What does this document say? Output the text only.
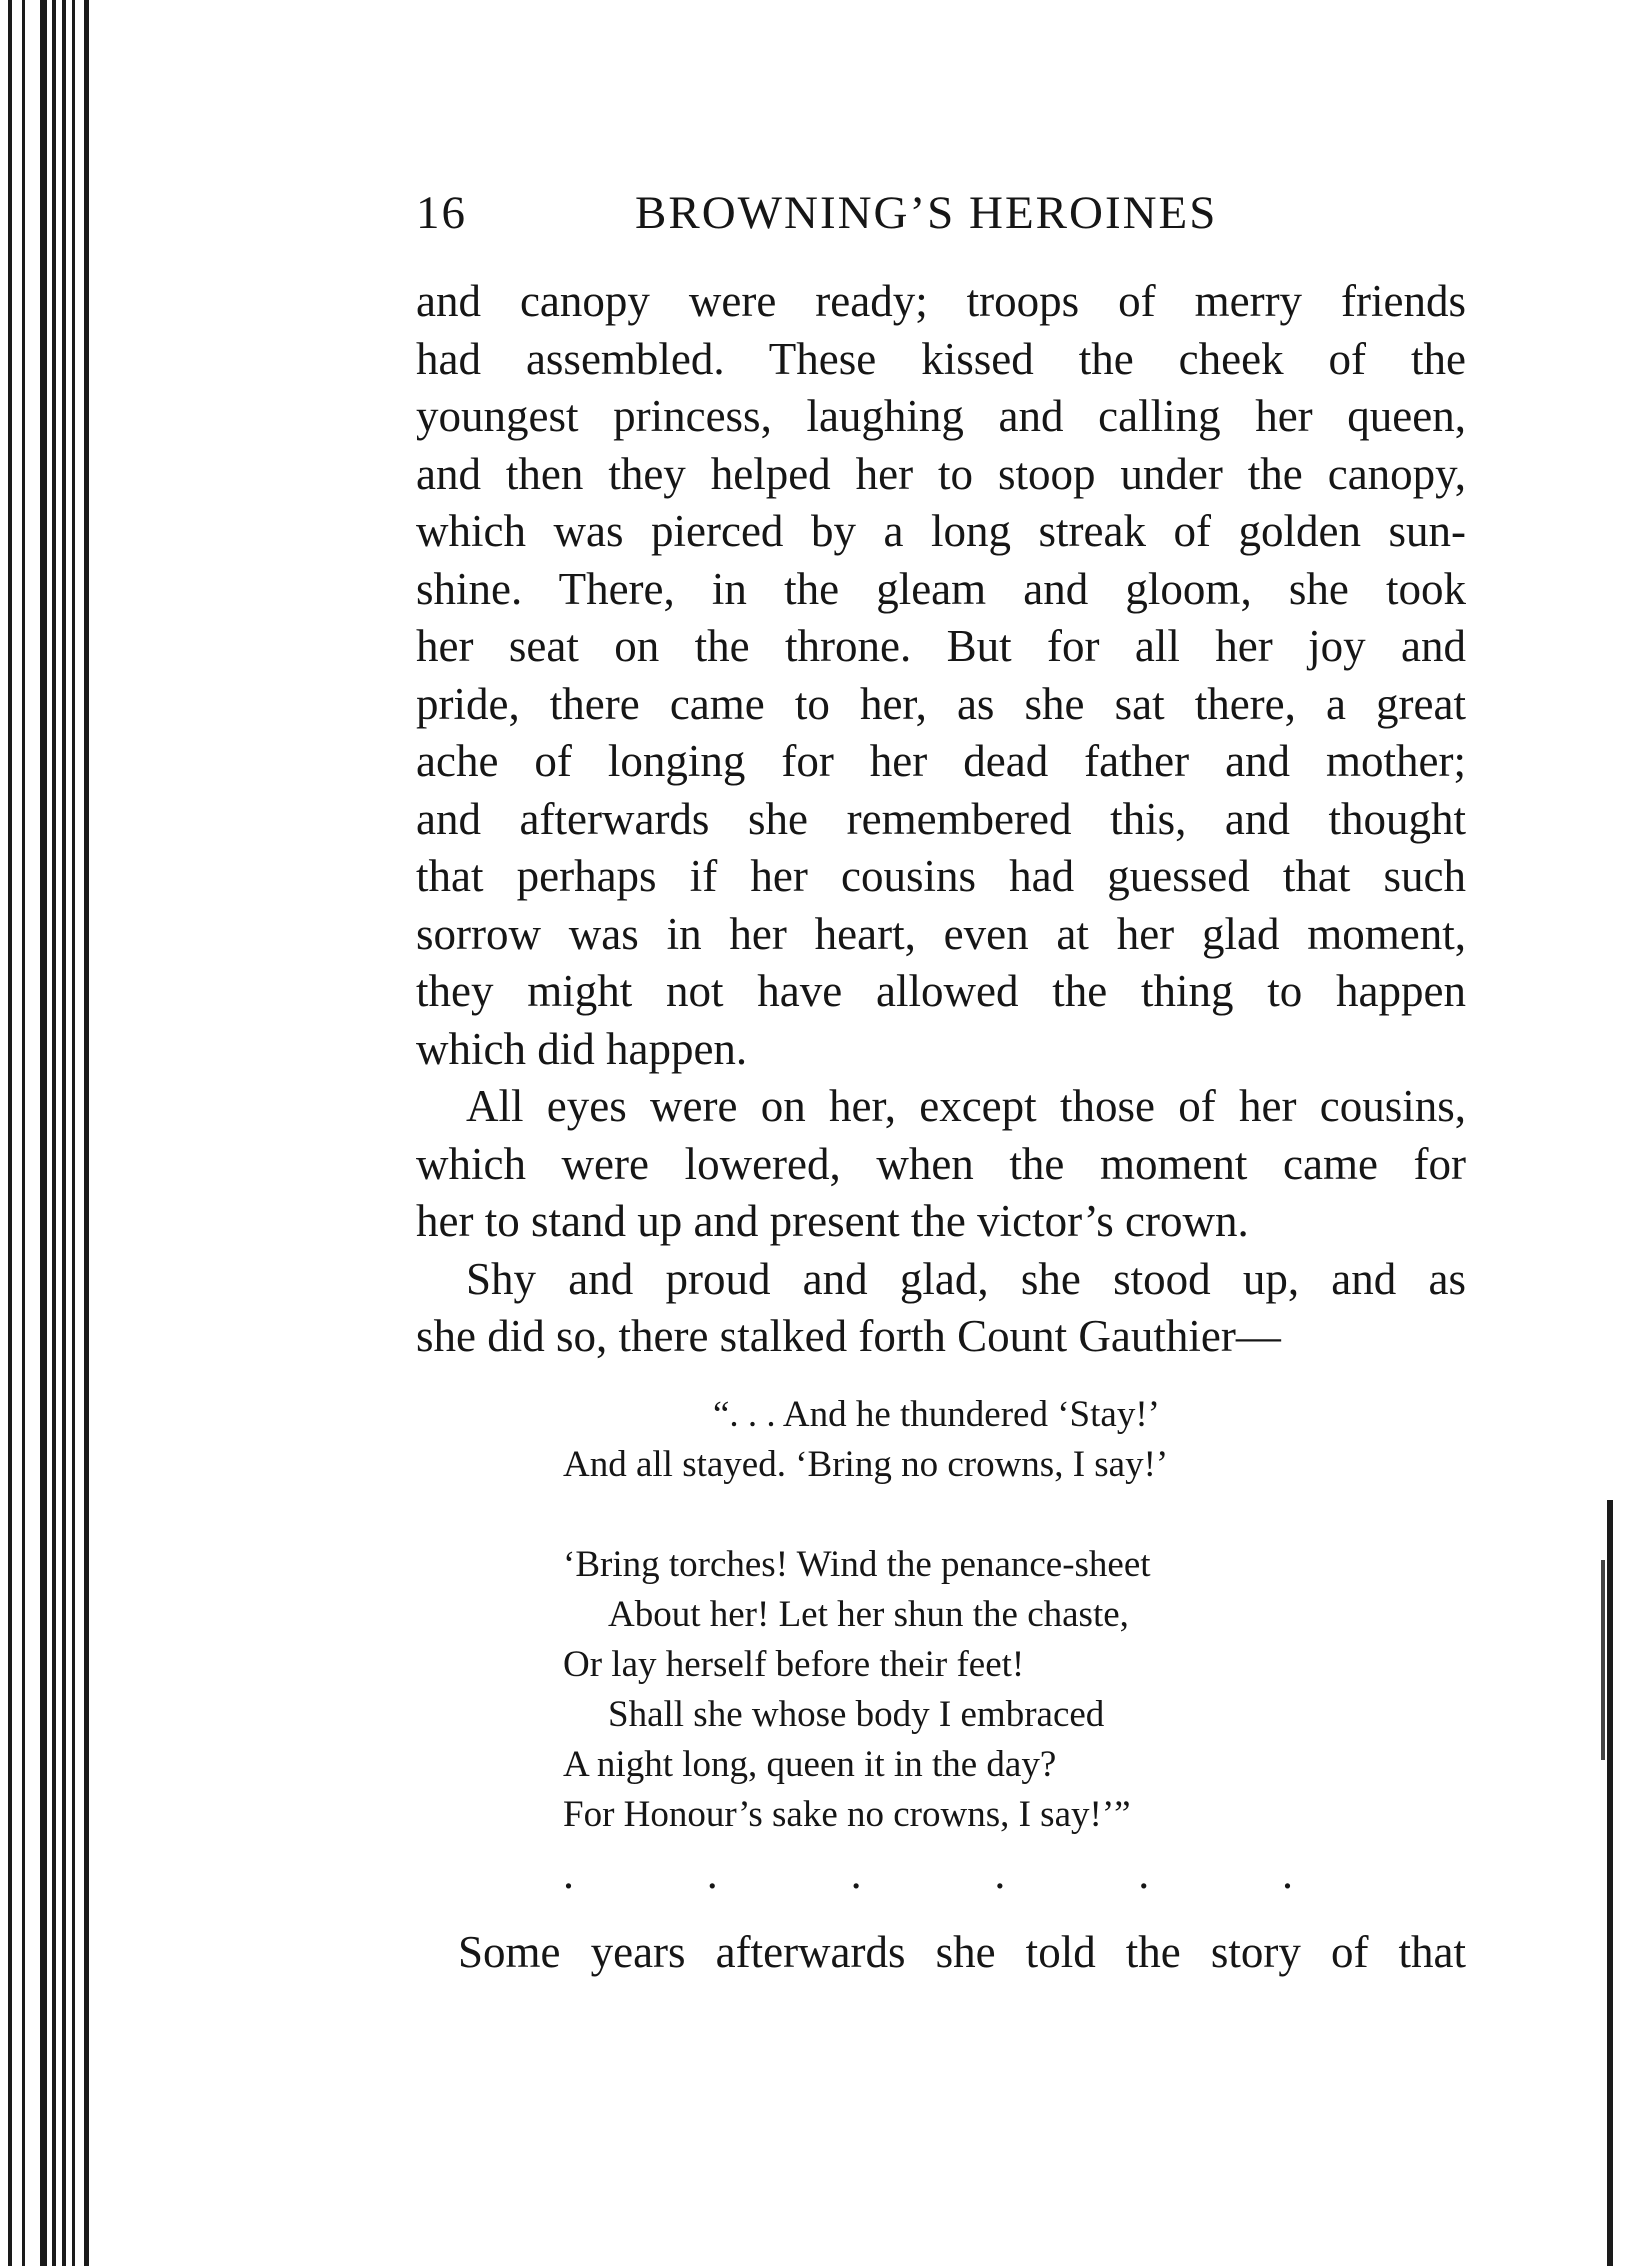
16	BROWNING’S HEROINES
and canopy were ready; troops of merry friends
had assembled. These kissed the cheek of the
youngest princess, laughing and calling her queen,
and then they helped her to stoop under the canopy,
which was pierced by a long streak of golden sun-
shine. There, in the gleam and gloom, she took
her seat on the throne. But for all her joy and
pride, there came to her, as she sat there, a great
ache of longing for her dead father and mother;
and afterwards she remembered this, and thought
that perhaps if her cousins had guessed that such
sorrow was in her heart, even at her glad moment,
they might not have allowed the thing to happen
which did happen.
All eyes were on her, except those of her cousins,
which were lowered, when the moment came for
her to stand up and present the victor’s crown.
Shy and proud and glad, she stood up, and as
she did so, there stalked forth Count Gauthier—
“. . . And he thundered ‘Stay!’
And all stayed. ‘Bring no crowns, I say!’
‘Bring torches! Wind the penance-sheet
About her! Let her shun the chaste,
Or lay herself before their feet!
Shall she whose body I embraced
A night long, queen it in the day?
For Honour’s sake no crowns, I say!’”
.	.	.	.	.	.
Some years afterwards she told the story of that
